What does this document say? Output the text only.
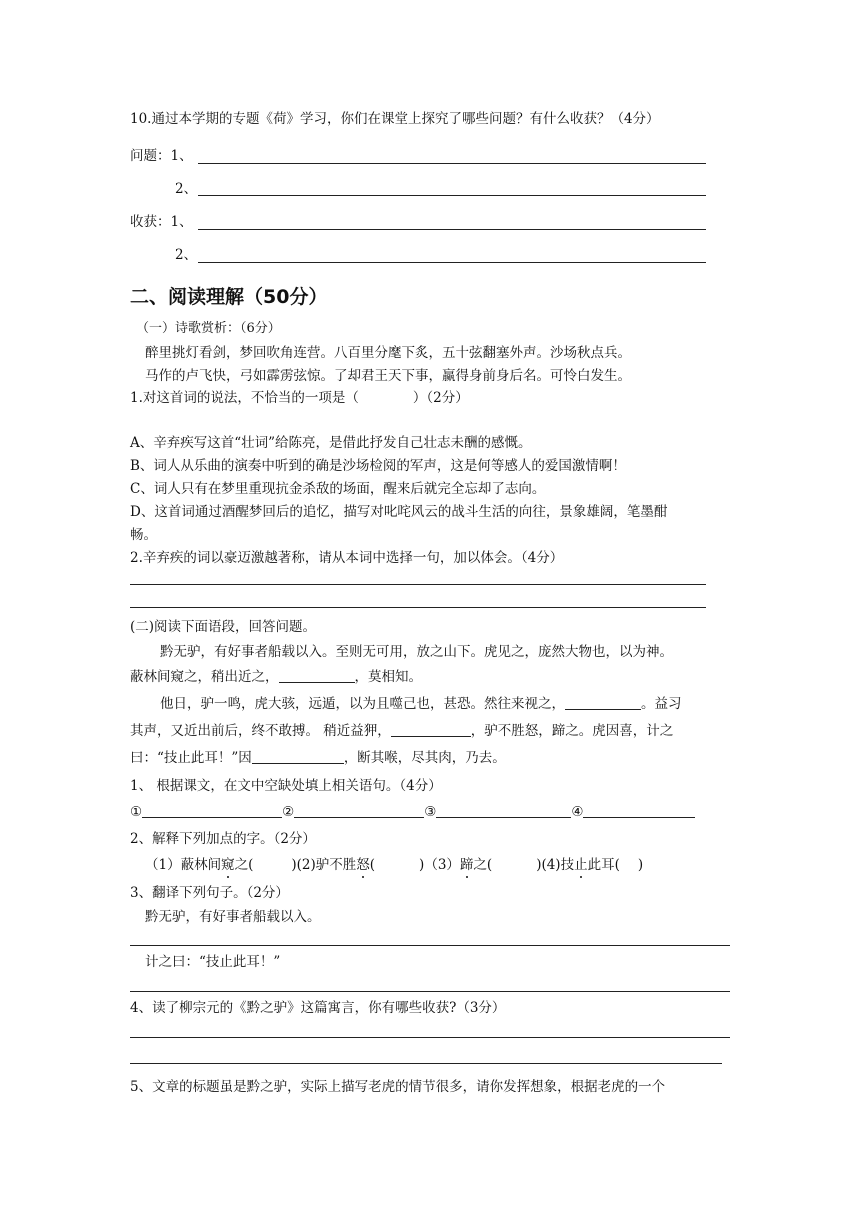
10.通过本学期的专题《荷》学习，你们在课堂上探究了哪些问题？有什么收获？（4分）
问题：1、
2、
收获：1、
2、
二、阅读理解（50分）
（一）诗歌赏析：（6分）
醉里挑灯看剑，梦回吹角连营。八百里分麾下炙，五十弦翻塞外声。沙场秋点兵。
马作的卢飞快，弓如霹雳弦惊。了却君王天下事，赢得身前身后名。可怜白发生。
1.对这首词的说法，不恰当的一项是（　　　　）（2分）
A、辛弃疾写这首“壮词”给陈亮，是借此抒发自己壮志未酬的感慨。
B、词人从乐曲的演奏中听到的确是沙场检阅的军声，这是何等感人的爱国激情啊！
C、词人只有在梦里重现抗金杀敌的场面，醒来后就完全忘却了志向。
D、这首词通过酒醒梦回后的追忆，描写对叱咤风云的战斗生活的向往，景象雄阔，笔墨酣
畅。
2.辛弃疾的词以豪迈激越著称，请从本词中选择一句，加以体会。（4分）
(二)阅读下面语段，回答问题。
黔无驴，有好事者船载以入。至则无可用，放之山下。虎见之，庞然大物也，以为神。
蔽林间窥之，稍出近之，	，莫相知。
他日，驴一鸣，虎大骇，远遁，以为且噬己也，甚恐。然往来视之，	。益习
其声，又近出前后，终不敢搏。 稍近益狎，	，驴不胜怒，蹄之。虎因喜，计之
曰：“技止此耳！”因	，断其喉，尽其肉，乃去。
1、 根据课文，在文中空缺处填上相关语句。（4分）
①	②	③	④
2、解释下列加点的字。（2分）
（1）蔽林间窥之(	)(2)驴不胜怒(	)（3）蹄之(	)(4)技止此耳( )
3、翻译下列句子。（2分）
黔无驴，有好事者船载以入。
计之曰：“技止此耳！”
4、读了柳宗元的《黔之驴》这篇寓言，你有哪些收获?（3分）
5、文章的标题虽是黔之驴，实际上描写老虎的情节很多，请你发挥想象，根据老虎的一个
